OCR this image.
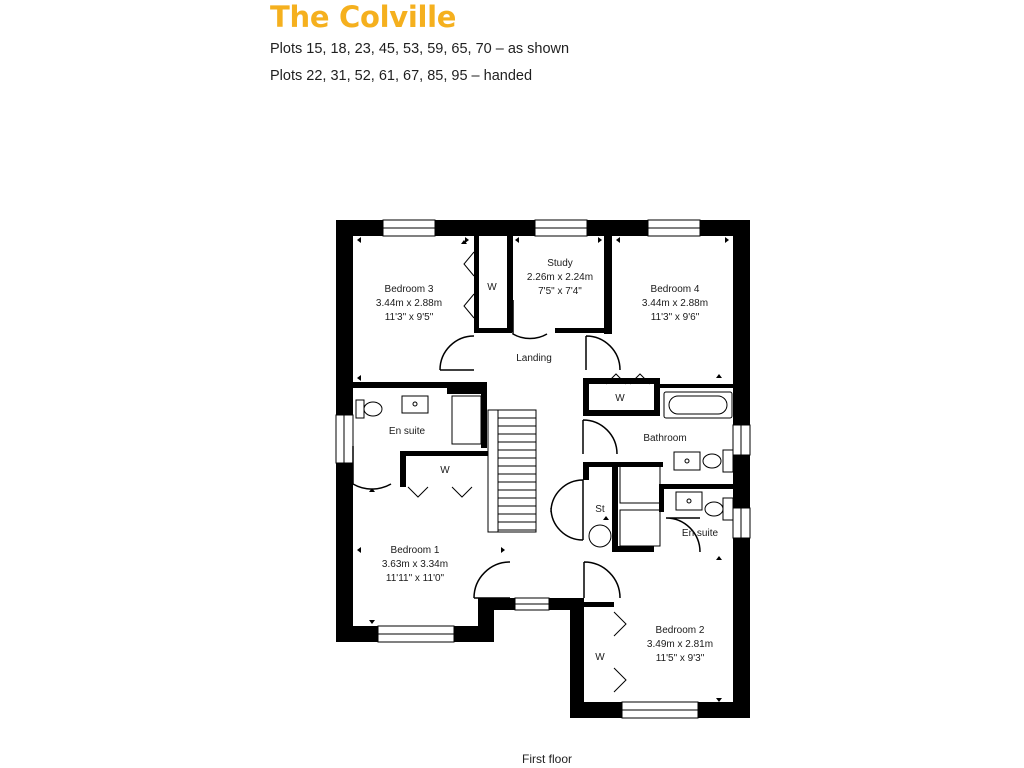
The Colville
Plots 15, 18, 23, 45, 53, 59, 65, 70 – as shown
Plots 22, 31, 52, 61, 67, 85, 95 – handed
Bedroom 3
3.44m x 2.88m
11'3" x 9'5"
W
Study
2.26m x 2.24m
7'5" x 7'4"	Bedroom 4
3.44m x 2.88m
11'3" x 9'6"
Landing
En suite
W
W
Bathroom
St
En suite
Bedroom 1
3.63m x 3.34m
11'11" x 11'0"
Bedroom 2
3.49m x 2.81m
11'5" x 9'3"
W
First floor
